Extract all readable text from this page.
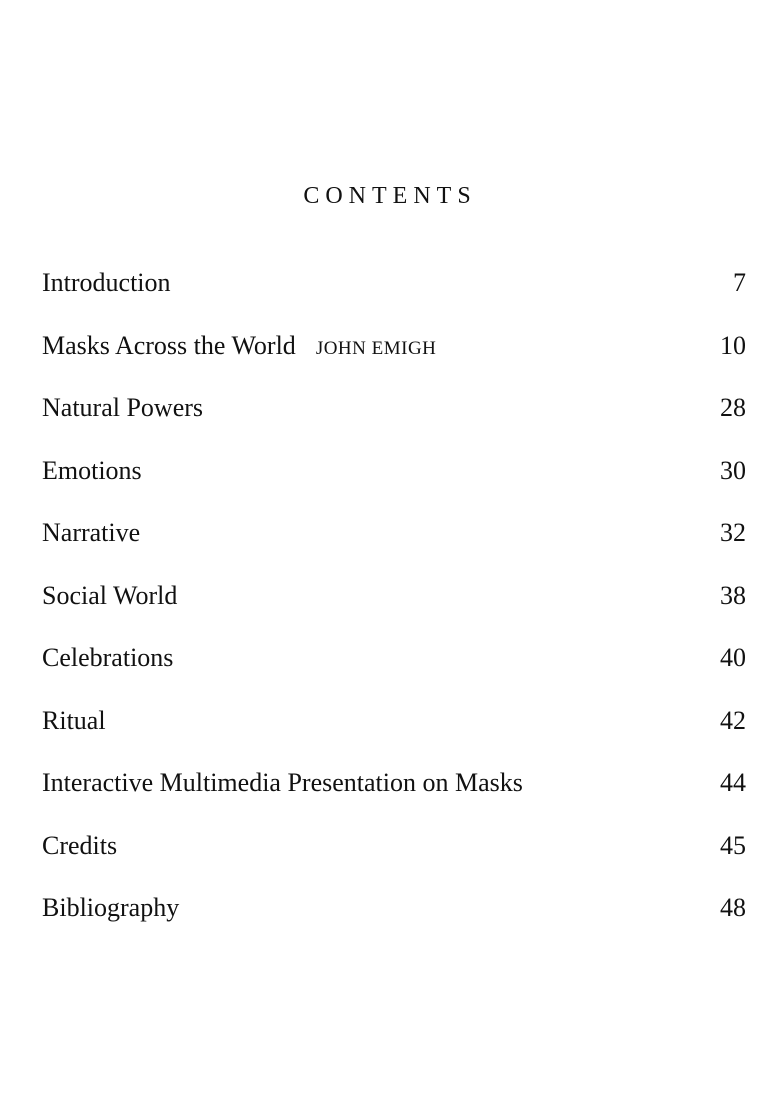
CONTENTS
Introduction	7
Masks Across the World JOHN EMIGH	10
Natural Powers	28
Emotions	30
Narrative	32
Social World	38
Celebrations	40
Ritual	42
Interactive Multimedia Presentation on Masks	44
Credits	45
Bibliography	48
